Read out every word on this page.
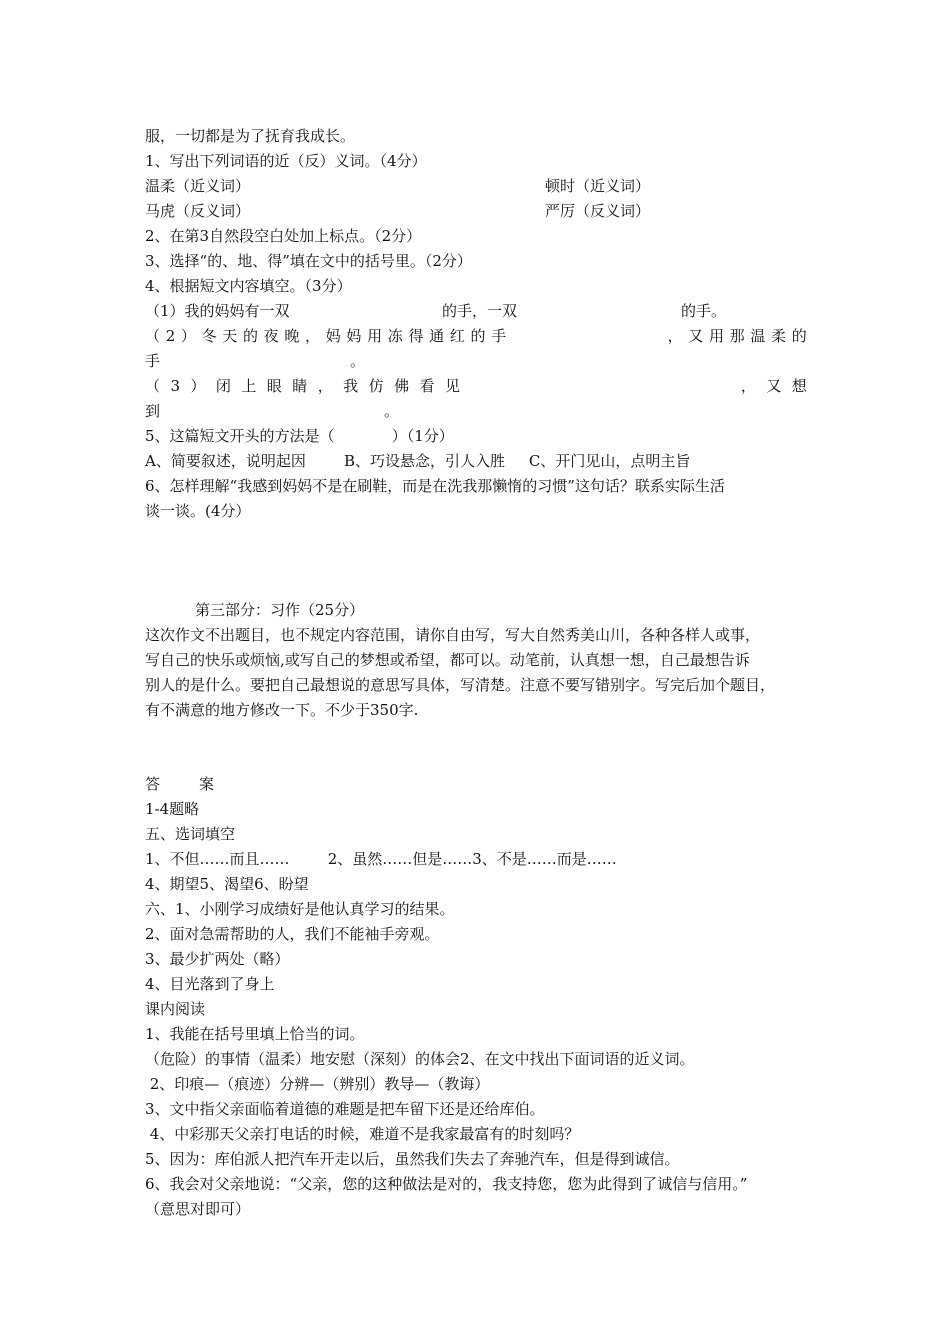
服，一切都是为了抚育我成长。
1、写出下列词语的近（反）义词。（4分）
温柔（近义词）	顿时（近义词）
马虎（反义词）	严厉（反义词）
2、在第3自然段空白处加上标点。（2分）
3、选择“的、地、得”填在文中的括号里。（2分）
4、根据短文内容填空。（3分）
（1）我的妈妈有一双	的手，一双	的手。
（ 2 ） 冬 天 的 夜 晚 ， 妈 妈 用 冻 得 通 红 的 手	， 又 用 那 温 柔 的
手	。
（ 3 ） 闭 上 眼 睛 ， 我 仿 佛 看 见	， 又 想
到	。
5、这篇短文开头的方法是（            ）（1分）
A、简要叙述，说明起因        B、巧设悬念，引人入胜     C、开门见山，点明主旨
6、怎样理解“我感到妈妈不是在刷鞋，而是在洗我那懒惰的习惯”这句话？联系实际生活
谈一谈。(4分）
第三部分：习作（25分）
这次作文不出题目，也不规定内容范围，请你自由写，写大自然秀美山川，各种各样人或事，
写自己的快乐或烦恼,或写自己的梦想或希望，都可以。动笔前，认真想一想，自己最想告诉
别人的是什么。要把自己最想说的意思写具体，写清楚。注意不要写错别字。写完后加个题目，
有不满意的地方修改一下。不少于350字.
答	案
1-4题略
五、选词填空
1、不但……而且……        2、虽然……但是……3、不是……而是……
4、期望5、渴望6、盼望
六、1、小刚学习成绩好是他认真学习的结果。
2、面对急需帮助的人，我们不能袖手旁观。
3、最少扩两处（略）
4、目光落到了身上
课内阅读
1、我能在括号里填上恰当的词。
（危险）的事情（温柔）地安慰（深刻）的体会2、在文中找出下面词语的近义词。
2、印痕—（痕迹）分辨—（辨别）教导—（教诲）
3、文中指父亲面临着道德的难题是把车留下还是还给库伯。
4、中彩那天父亲打电话的时候，难道不是我家最富有的时刻吗？
5、因为：库伯派人把汽车开走以后，虽然我们失去了奔驰汽车，但是得到诚信。
6、我会对父亲地说：“父亲，您的这种做法是对的，我支持您，您为此得到了诚信与信用。”
（意思对即可）
